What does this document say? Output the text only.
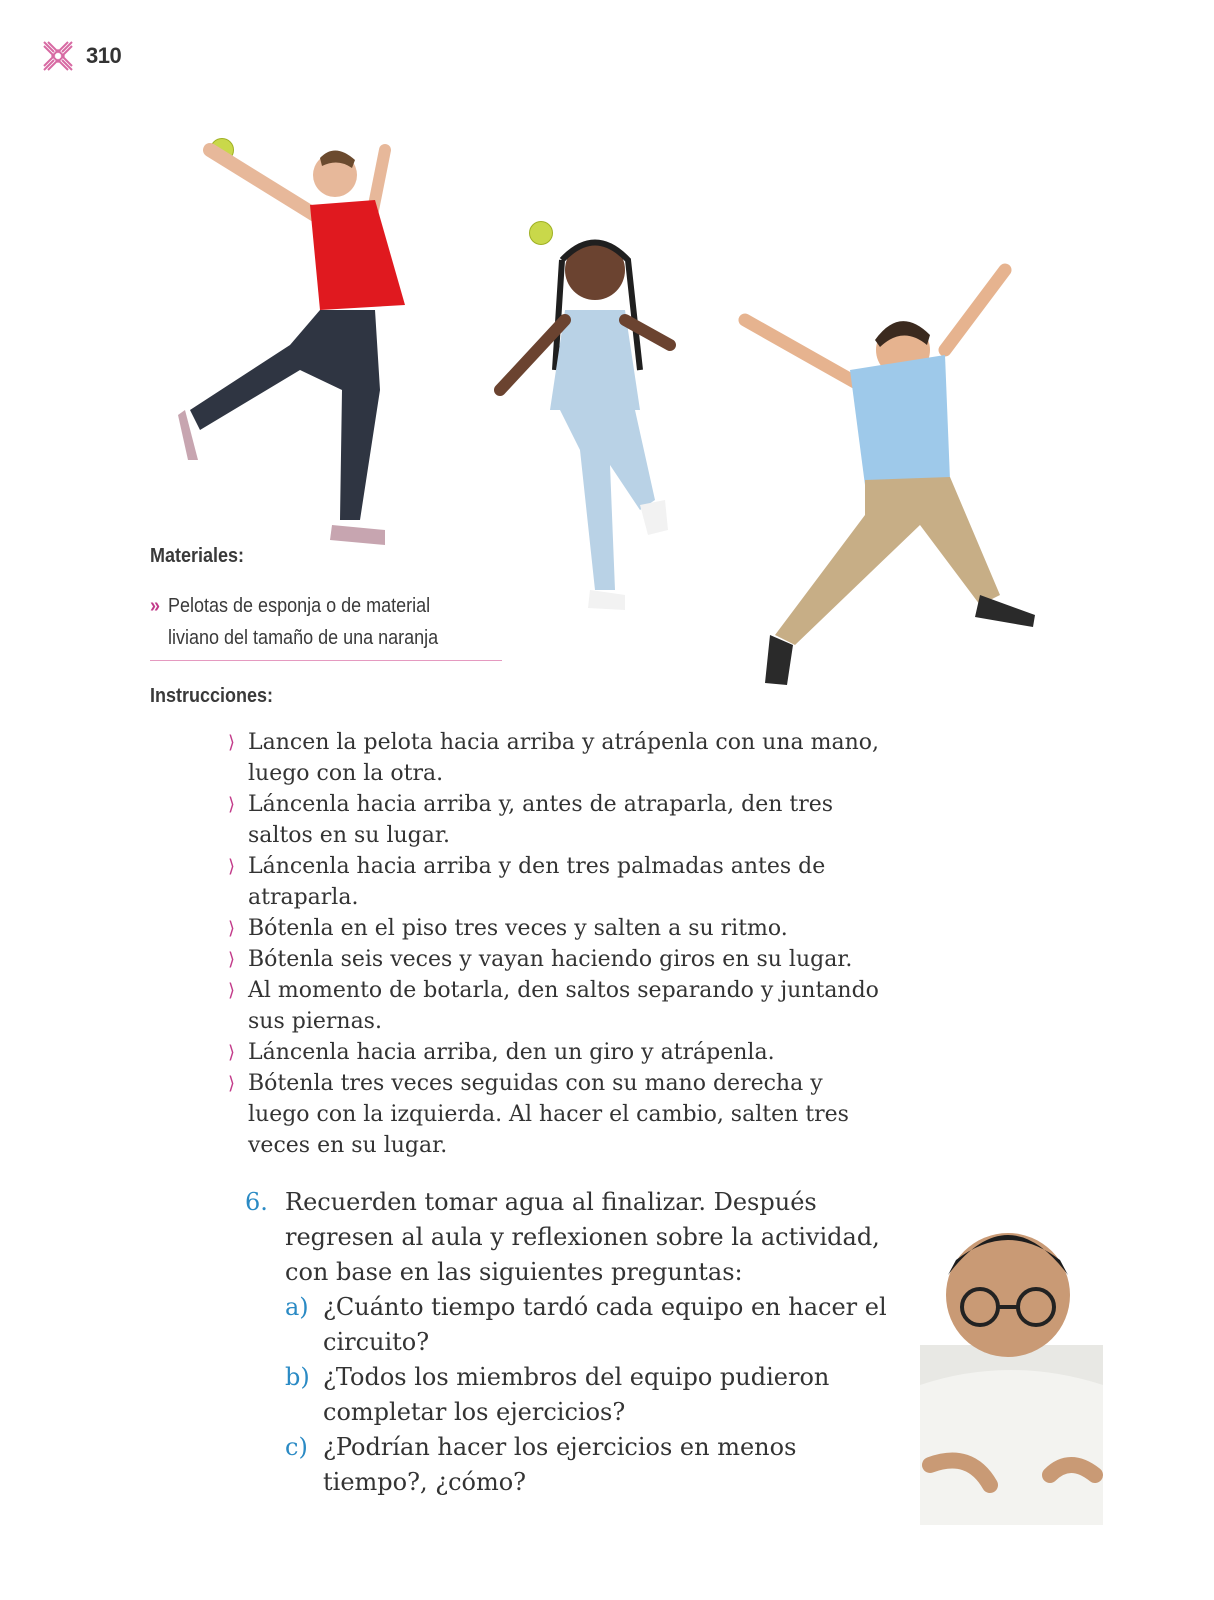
310
Materiales:
» Pelotas de esponja o de material liviano del tamaño de una naranja
Instrucciones:
⟩ Lancen la pelota hacia arriba y atrápenla con una mano, luego con la otra.
⟩ Láncenla hacia arriba y, antes de atraparla, den tres saltos en su lugar.
⟩ Láncenla hacia arriba y den tres palmadas antes de atraparla.
⟩ Bótenla en el piso tres veces y salten a su ritmo.
⟩ Bótenla seis veces y vayan haciendo giros en su lugar.
⟩ Al momento de botarla, den saltos separando y juntando sus piernas.
⟩ Láncenla hacia arriba, den un giro y atrápenla.
⟩ Bótenla tres veces seguidas con su mano derecha y luego con la izquierda. Al hacer el cambio, salten tres veces en su lugar.
6. Recuerden tomar agua al finalizar. Después regresen al aula y reflexionen sobre la actividad, con base en las siguientes preguntas:
a) ¿Cuánto tiempo tardó cada equipo en hacer el circuito?
b) ¿Todos los miembros del equipo pudieron completar los ejercicios?
c) ¿Podrían hacer los ejercicios en menos tiempo?, ¿cómo?
